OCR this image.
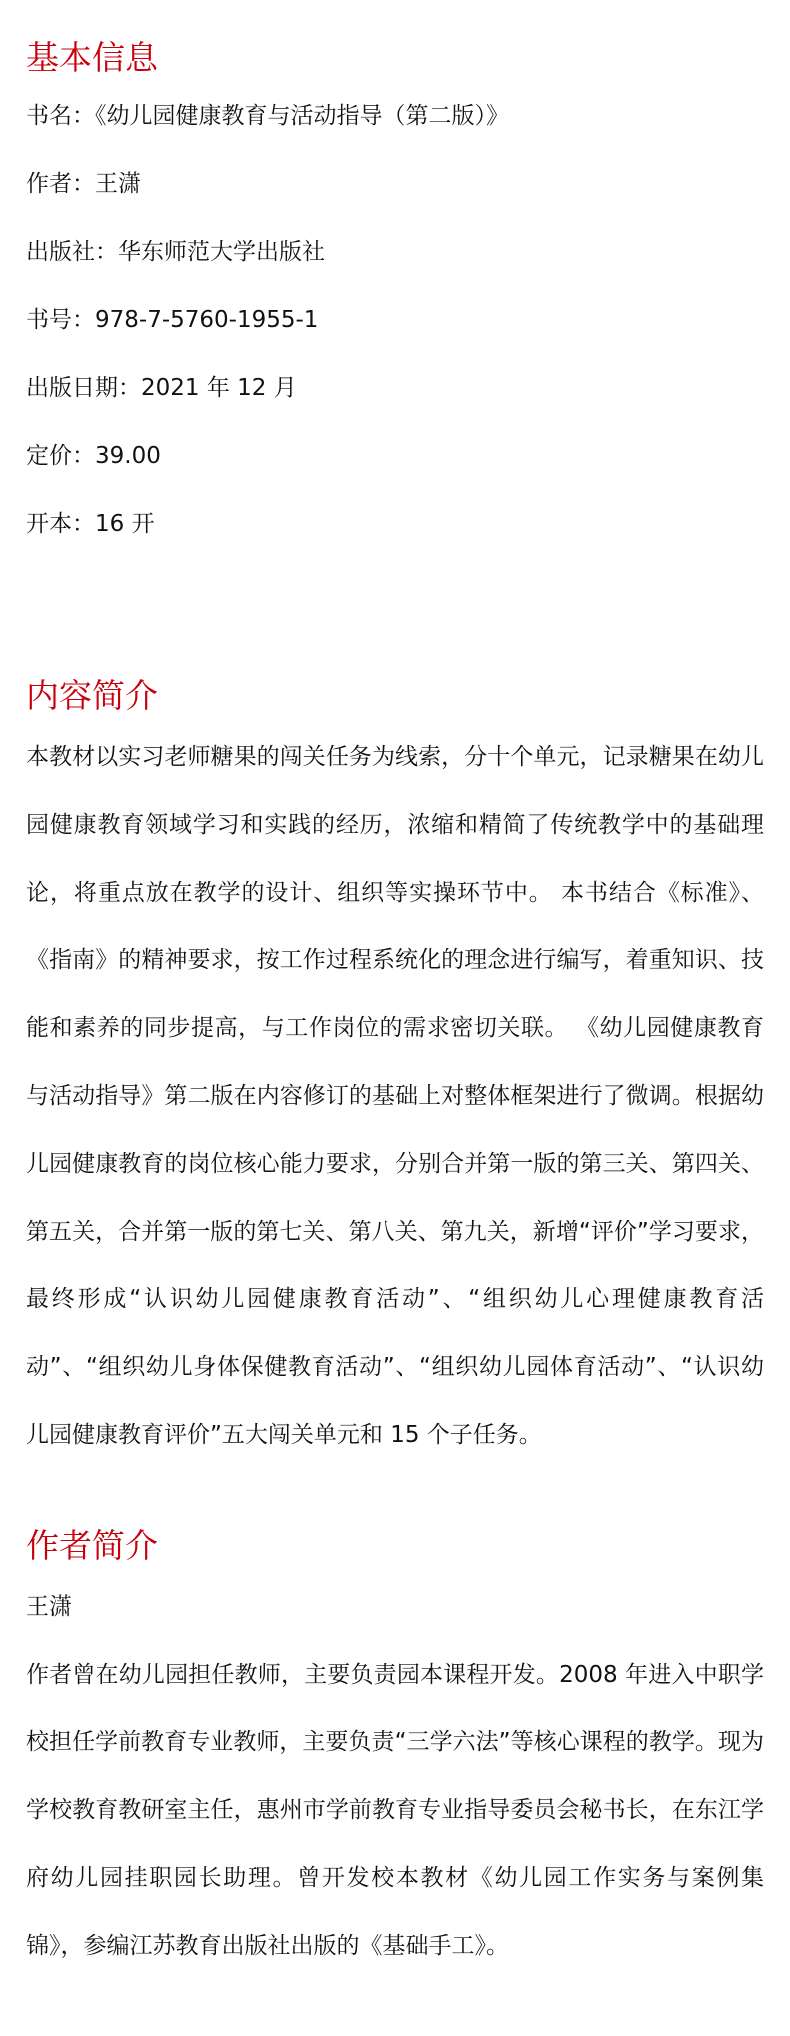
基本信息

书名：《幼儿园健康教育与活动指导（第二版）》

作者：王潇

出版社：华东师范大学出版社

书号：978-7-5760-1955-1

出版日期：2021 年 12 月

定价：39.00

开本：16 开

内容简介

本教材以实习老师糖果的闯关任务为线索，分十个单元，记录糖果在幼儿园健康教育领域学习和实践的经历，浓缩和精简了传统教学中的基础理论，将重点放在教学的设计、组织等实操环节中。 本书结合《标准》、《指南》的精神要求，按工作过程系统化的理念进行编写，着重知识、技能和素养的同步提高，与工作岗位的需求密切关联。 《幼儿园健康教育与活动指导》第二版在内容修订的基础上对整体框架进行了微调。根据幼儿园健康教育的岗位核心能力要求，分别合并第一版的第三关、第四关、第五关，合并第一版的第七关、第八关、第九关，新增“评价”学习要求，最终形成“认识幼儿园健康教育活动”、“组织幼儿心理健康教育活动”、“组织幼儿身体保健教育活动”、“组织幼儿园体育活动”、“认识幼儿园健康教育评价”五大闯关单元和 15 个子任务。

作者简介

王潇

作者曾在幼儿园担任教师，主要负责园本课程开发。2008 年进入中职学校担任学前教育专业教师，主要负责“三学六法”等核心课程的教学。现为学校教育教研室主任，惠州市学前教育专业指导委员会秘书长，在东江学府幼儿园挂职园长助理。曾开发校本教材《幼儿园工作实务与案例集锦》，参编江苏教育出版社出版的《基础手工》。
